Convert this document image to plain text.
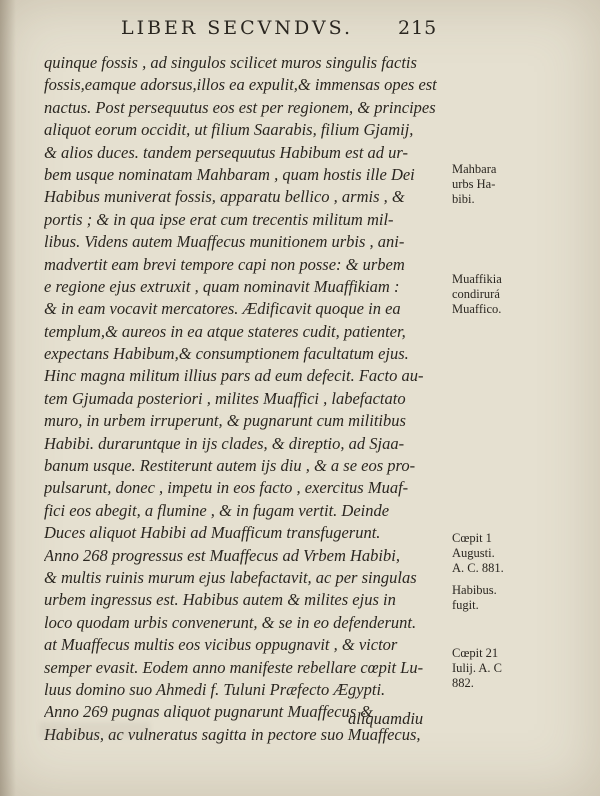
LIBER SECVNDVS.	215
quinque fossis , ad singulos scilicet muros singulis factis
fossis,eamque adorsus,illos ea expulit,& immensas opes est
nactus. Post persequutus eos est per regionem, & principes
aliquot eorum occidit, ut filium Saarabis, filium Gjamij,
& alios duces. tandem persequutus Habibum est ad ur-
bem usque nominatam Mahbaram , quam hostis ille Dei
Habibus muniverat fossis, apparatu bellico , armis , &
portis ; & in qua ipse erat cum trecentis militum mil-
libus. Videns autem Muaffecus munitionem urbis , ani-
madvertit eam brevi tempore capi non posse: & urbem
e regione ejus extruxit , quam nominavit Muaffikiam :
& in eam vocavit mercatores. Ædificavit quoque in ea
templum,& aureos in ea atque stateres cudit, patienter,
expectans Habibum,& consumptionem facultatum ejus.
Hinc magna militum illius pars ad eum defecit. Facto au-
tem Gjumada posteriori , milites Muaffici , labefactato
muro, in urbem irruperunt, & pugnarunt cum militibus
Habibi. duraruntque in ijs clades, & direptio, ad Sjaa-
banum usque. Restiterunt autem ijs diu , & a se eos pro-
pulsarunt, donec , impetu in eos facto , exercitus Muaf-
fici eos abegit, a flumine , & in fugam vertit. Deinde
Duces aliquot Habibi ad Muafficum transfugerunt.
Anno 268 progressus est Muaffecus ad Vrbem Habibi,
& multis ruinis murum ejus labefactavit, ac per singulas
urbem ingressus est. Habibus autem & milites ejus in
loco quodam urbis convenerunt, & se in eo defenderunt.
at Muaffecus multis eos vicibus oppugnavit , & victor
semper evasit. Eodem anno manifeste rebellare cœpit Lu-
luus domino suo Ahmedi f. Tuluni Præfecto Ægypti.
Anno 269 pugnas aliquot pugnarunt Muaffecus &
Habibus, ac vulneratus sagitta in pectore suo Muaffecus,
aliquamdiu
Mahbara
urbs Ha-
bibi.
Muaffikia
condirurá
Muaffico.
Cœpit 1
Augusti.
A. C. 881.
Habibus.
fugit.
Cœpit 21
Iulij. A. C
882.
